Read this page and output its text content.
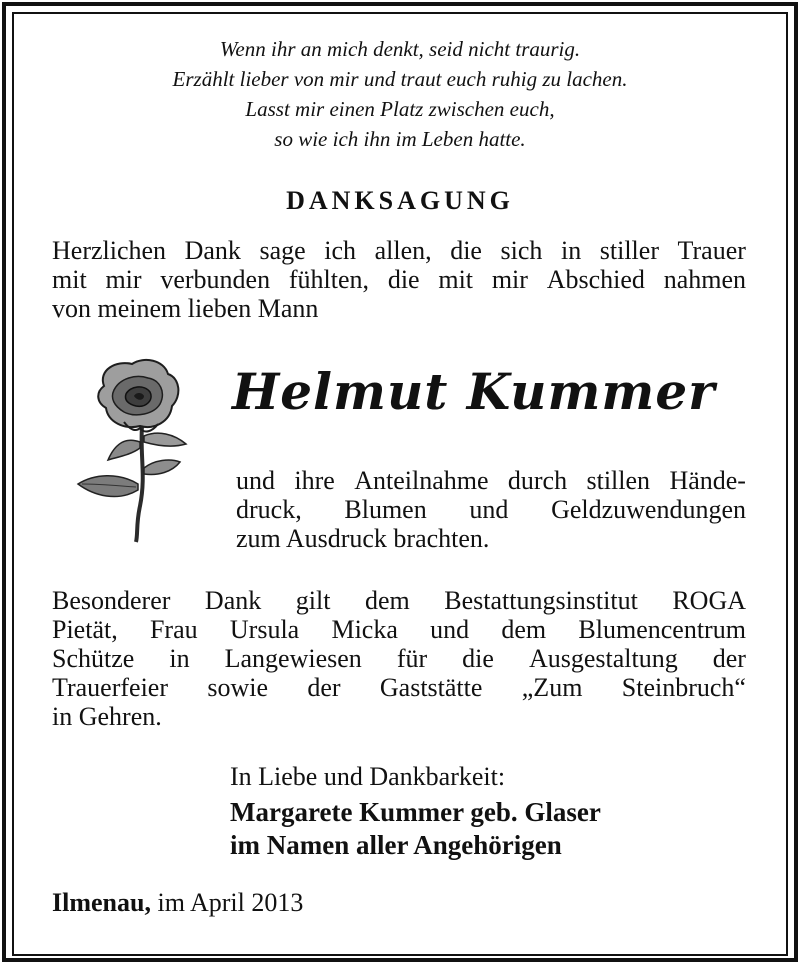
Wenn ihr an mich denkt, seid nicht traurig.
Erzählt lieber von mir und traut euch ruhig zu lachen.
Lasst mir einen Platz zwischen euch,
so wie ich ihn im Leben hatte.
DANKSAGUNG
Herzlichen Dank sage ich allen, die sich in stiller Trauer
mit mir verbunden fühlten, die mit mir Abschied nahmen
von meinem lieben Mann
Helmut Kummer
und ihre Anteilnahme durch stillen Hände-
druck, Blumen und Geldzuwendungen
zum Ausdruck brachten.
Besonderer Dank gilt dem Bestattungsinstitut ROGA
Pietät, Frau Ursula Micka und dem Blumencentrum
Schütze in Langewiesen für die Ausgestaltung der
Trauerfeier sowie der Gaststätte „Zum Steinbruch“
in Gehren.
In Liebe und Dankbarkeit:
Margarete Kummer geb. Glaser
im Namen aller Angehörigen
Ilmenau, im April 2013
